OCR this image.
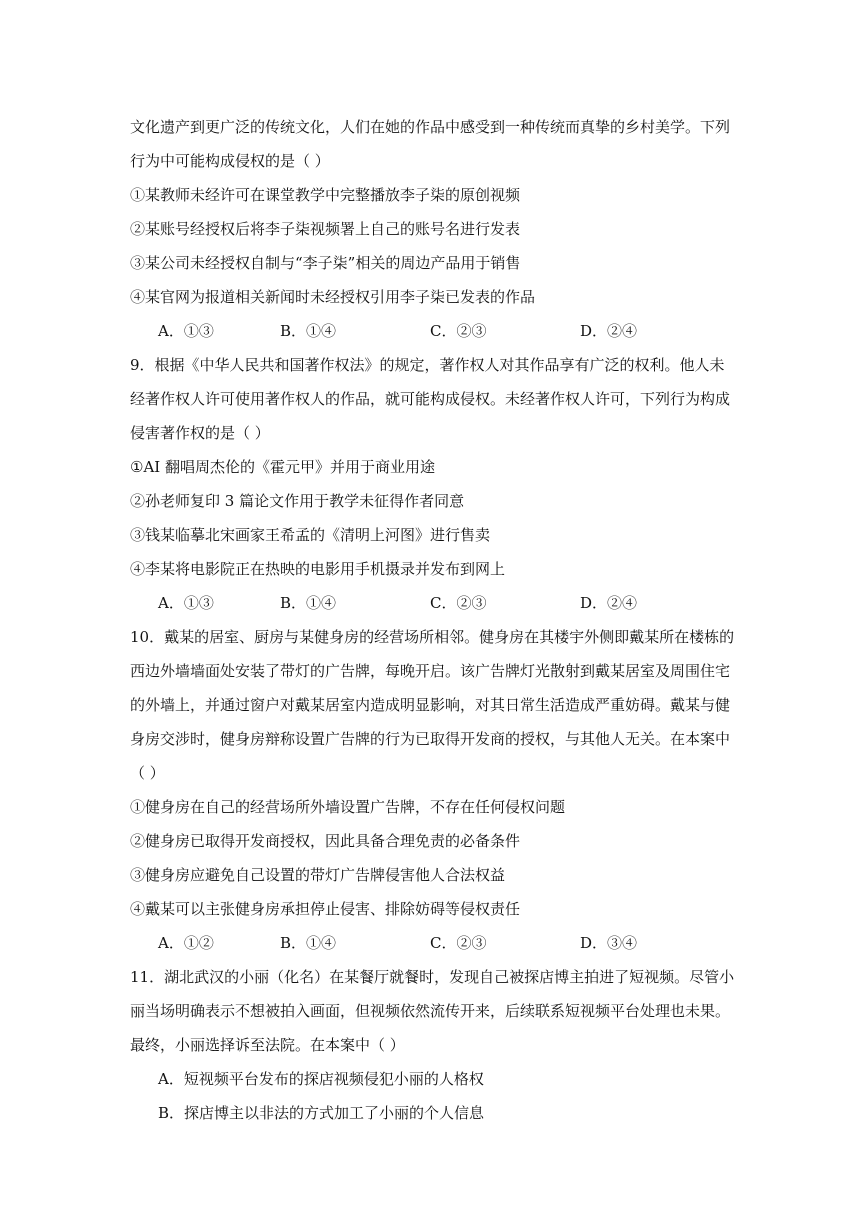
文化遗产到更广泛的传统文化，人们在她的作品中感受到一种传统而真挚的乡村美学。下列
行为中可能构成侵权的是（ ）
①某教师未经许可在课堂教学中完整播放李子柒的原创视频
②某账号经授权后将李子柒视频署上自己的账号名进行发表
③某公司未经授权自制与“李子柒”相关的周边产品用于销售
④某官网为报道相关新闻时未经授权引用李子柒已发表的作品
A．①③	B．①④	C．②③	D．②④
9．根据《中华人民共和国著作权法》的规定，著作权人对其作品享有广泛的权利。他人未
经著作权人许可使用著作权人的作品，就可能构成侵权。未经著作权人许可，下列行为构成
侵害著作权的是（ ）
①AI 翻唱周杰伦的《霍元甲》并用于商业用途
②孙老师复印 3 篇论文作用于教学未征得作者同意
③钱某临摹北宋画家王希孟的《清明上河图》进行售卖
④李某将电影院正在热映的电影用手机摄录并发布到网上
A．①③	B．①④	C．②③	D．②④
10．戴某的居室、厨房与某健身房的经营场所相邻。健身房在其楼宇外侧即戴某所在楼栋的
西边外墙墙面处安装了带灯的广告牌，每晚开启。该广告牌灯光散射到戴某居室及周围住宅
的外墙上，并通过窗户对戴某居室内造成明显影响，对其日常生活造成严重妨碍。戴某与健
身房交涉时，健身房辩称设置广告牌的行为已取得开发商的授权，与其他人无关。在本案中
（ ）
①健身房在自己的经营场所外墙设置广告牌，不存在任何侵权问题
②健身房已取得开发商授权，因此具备合理免责的必备条件
③健身房应避免自己设置的带灯广告牌侵害他人合法权益
④戴某可以主张健身房承担停止侵害、排除妨碍等侵权责任
A．①②	B．①④	C．②③	D．③④
11．湖北武汉的小丽（化名）在某餐厅就餐时，发现自己被探店博主拍进了短视频。尽管小
丽当场明确表示不想被拍入画面，但视频依然流传开来，后续联系短视频平台处理也未果。
最终，小丽选择诉至法院。在本案中（ ）
A．短视频平台发布的探店视频侵犯小丽的人格权
B．探店博主以非法的方式加工了小丽的个人信息
